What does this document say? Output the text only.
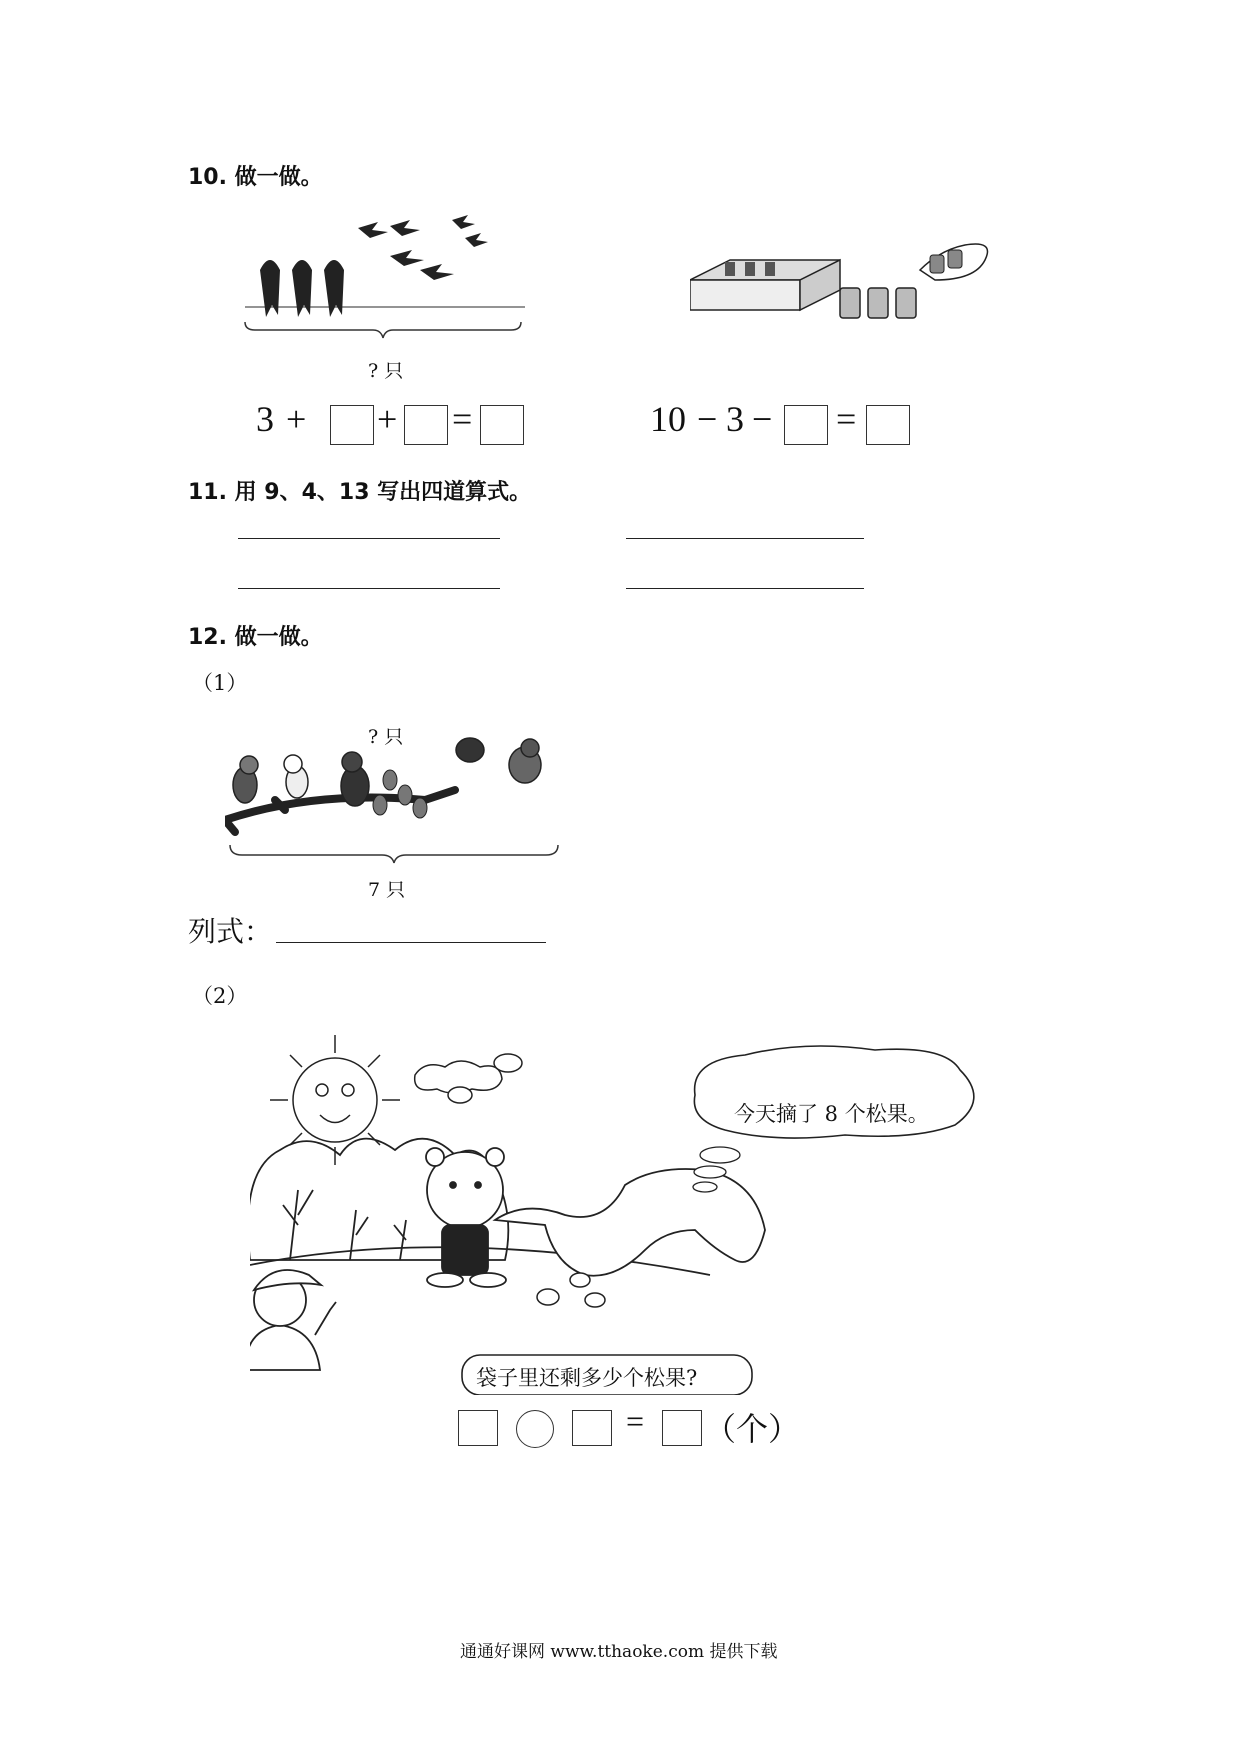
10. 做一做。
? 只
3 + + =	10 − 3 − =
11. 用 9、4、13 写出四道算式。
12. 做一做。
（1）
? 只
7 只
列式：
（2）
今天摘了 8 个松果。
袋子里还剩多少个松果?
= （个）
通通好课网 www.tthaoke.com 提供下载
